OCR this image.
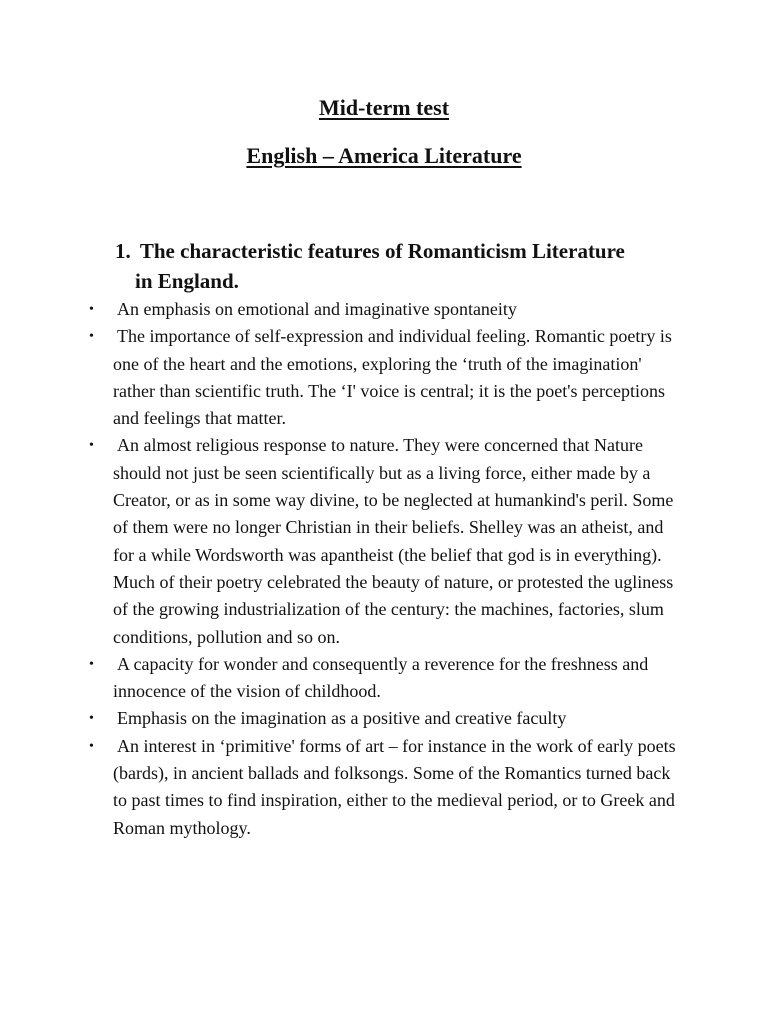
Mid-term test
English – America Literature
1. The characteristic features of Romanticism Literature
in England.
• An emphasis on emotional and imaginative spontaneity
• The importance of self-expression and individual feeling. Romantic poetry is one of the heart and the emotions, exploring the ‘truth of the imagination' rather than scientific truth. The ‘I' voice is central; it is the poet's perceptions and feelings that matter.
• An almost religious response to nature. They were concerned that Nature should not just be seen scientifically but as a living force, either made by a Creator, or as in some way divine, to be neglected at humankind's peril. Some of them were no longer Christian in their beliefs. Shelley was an atheist, and for a while Wordsworth was apantheist (the belief that god is in everything). Much of their poetry celebrated the beauty of nature, or protested the ugliness of the growing industrialization of the century: the machines, factories, slum conditions, pollution and so on.
• A capacity for wonder and consequently a reverence for the freshness and innocence of the vision of childhood.
• Emphasis on the imagination as a positive and creative faculty
• An interest in ‘primitive' forms of art – for instance in the work of early poets (bards), in ancient ballads and folksongs. Some of the Romantics turned back to past times to find inspiration, either to the medieval period, or to Greek and Roman mythology.
